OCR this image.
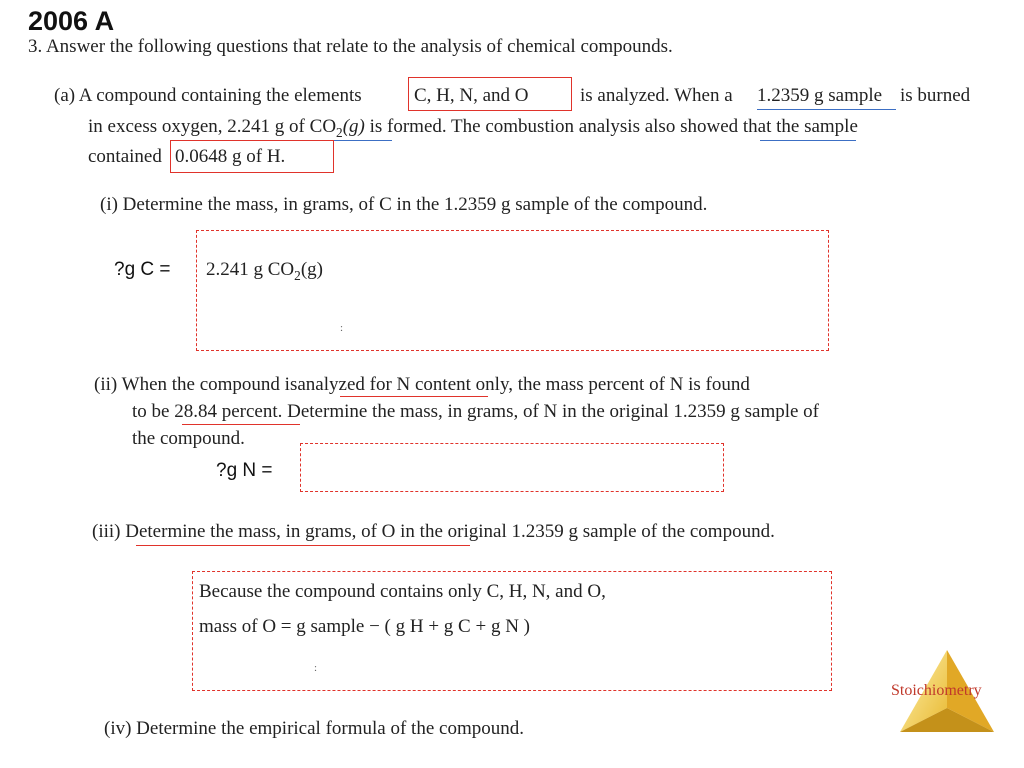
2006 A
3. Answer the following questions that relate to the analysis of chemical compounds.
(a) A compound containing the elements	C, H, N, and O	is analyzed. When a 1.2359 g sample is burned
in excess oxygen, 2.241 g of $CO_2(g)$ is formed. The combustion analysis also showed that the sample
contained 0.0648 g of H.
(i) Determine the mass, in grams, of C in the 1.2359 g sample of the compound.
?g C = 2.241 g $CO_2(g)$
:
(ii) When the compound isanalyzed for N content only, the mass percent of N is found
to be 28.84 percent. Determine the mass, in grams, of N in the original 1.2359 g sample of
the compound.
?g N =
(iii) Determine the mass, in grams, of O in the original 1.2359 g sample of the compound.
Because the compound contains only C, H, N, and O,
mass of O = g sample − ( g H + g C + g N )
:
(iv) Determine the empirical formula of the compound.
Stoichiometry
